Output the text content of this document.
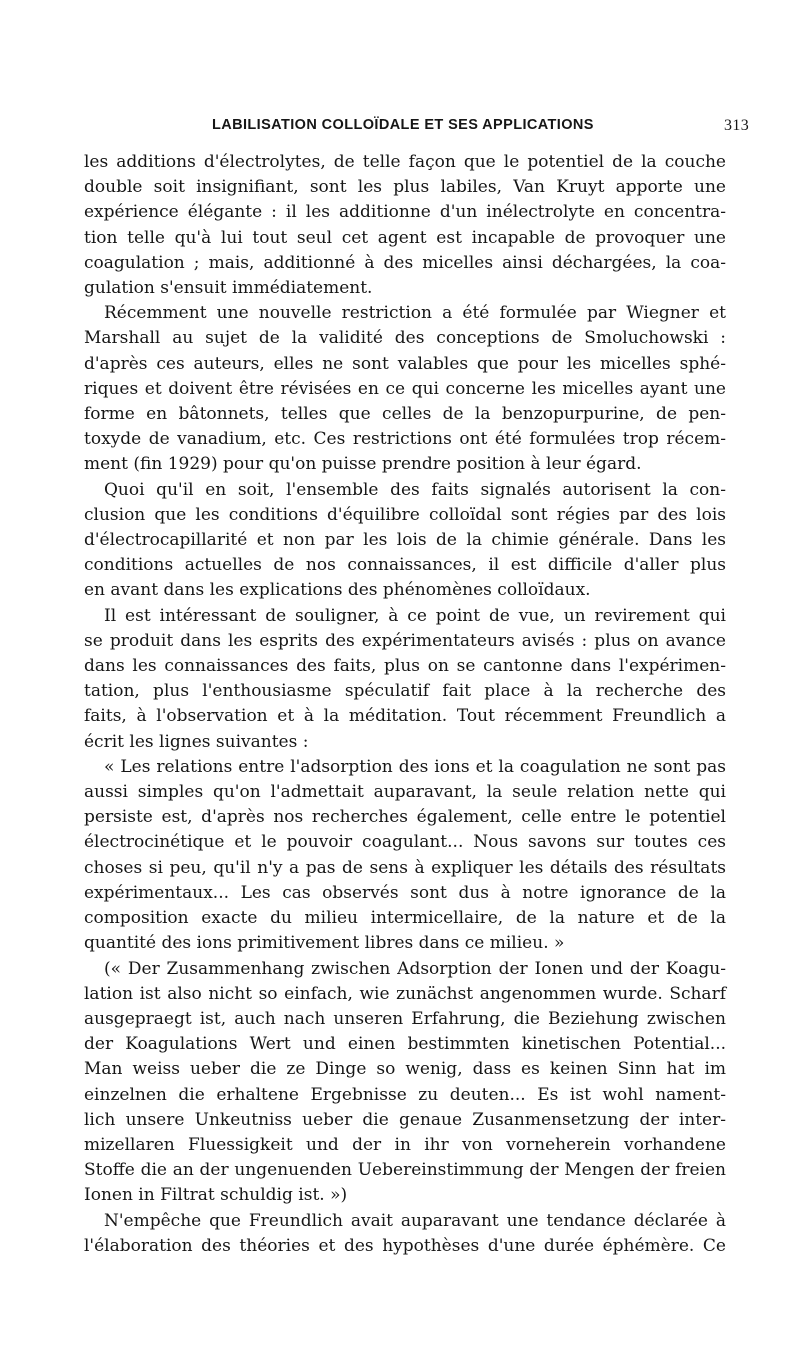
LABILISATION COLLOÏDALE ET SES APPLICATIONS	313

les additions d'électrolytes, de telle façon que le potentiel de la couche
double soit insignifiant, sont les plus labiles, Van Kruyt apporte une
expérience élégante : il les additionne d'un inélectrolyte en concentra-
tion telle qu'à lui tout seul cet agent est incapable de provoquer une
coagulation ; mais, additionné à des micelles ainsi déchargées, la coa-
gulation s'ensuit immédiatement.

Récemment une nouvelle restriction a été formulée par Wiegner et
Marshall au sujet de la validité des conceptions de Smoluchowski :
d'après ces auteurs, elles ne sont valables que pour les micelles sphé-
riques et doivent être révisées en ce qui concerne les micelles ayant une
forme en bâtonnets, telles que celles de la benzopurpurine, de pen-
toxyde de vanadium, etc. Ces restrictions ont été formulées trop récem-
ment (fin 1929) pour qu'on puisse prendre position à leur égard.

Quoi qu'il en soit, l'ensemble des faits signalés autorisent la con-
clusion que les conditions d'équilibre colloïdal sont régies par des lois
d'électrocapillarité et non par les lois de la chimie générale. Dans les
conditions actuelles de nos connaissances, il est difficile d'aller plus
en avant dans les explications des phénomènes colloïdaux.

Il est intéressant de souligner, à ce point de vue, un revirement qui
se produit dans les esprits des expérimentateurs avisés : plus on avance
dans les connaissances des faits, plus on se cantonne dans l'expérimen-
tation, plus l'enthousiasme spéculatif fait place à la recherche des
faits, à l'observation et à la méditation. Tout récemment Freundlich a
écrit les lignes suivantes :

« Les relations entre l'adsorption des ions et la coagulation ne sont pas
aussi simples qu'on l'admettait auparavant, la seule relation nette qui
persiste est, d'après nos recherches également, celle entre le potentiel
électrocinétique et le pouvoir coagulant... Nous savons sur toutes ces
choses si peu, qu'il n'y a pas de sens à expliquer les détails des résultats
expérimentaux... Les cas observés sont dus à notre ignorance de la
composition exacte du milieu intermicellaire, de la nature et de la
quantité des ions primitivement libres dans ce milieu. »

(« Der Zusammenhang zwischen Adsorption der Ionen und der Koagu-
lation ist also nicht so einfach, wie zunächst angenommen wurde. Scharf
ausgepraegt ist, auch nach unseren Erfahrung, die Beziehung zwischen
der Koagulations Wert und einen bestimmten kinetischen Potential...
Man weiss ueber die ze Dinge so wenig, dass es keinen Sinn hat im
einzelnen die erhaltene Ergebnisse zu deuten... Es ist wohl nament-
lich unsere Unkeutniss ueber die genaue Zusanmensetzung der inter-
mizellaren Fluessigkeit und der in ihr von vorneherein vorhandene
Stoffe die an der ungenuenden Uebereinstimmung der Mengen der freien
Ionen in Filtrat schuldig ist. »)

N'empêche que Freundlich avait auparavant une tendance déclarée à
l'élaboration des théories et des hypothèses d'une durée éphémère. Ce
